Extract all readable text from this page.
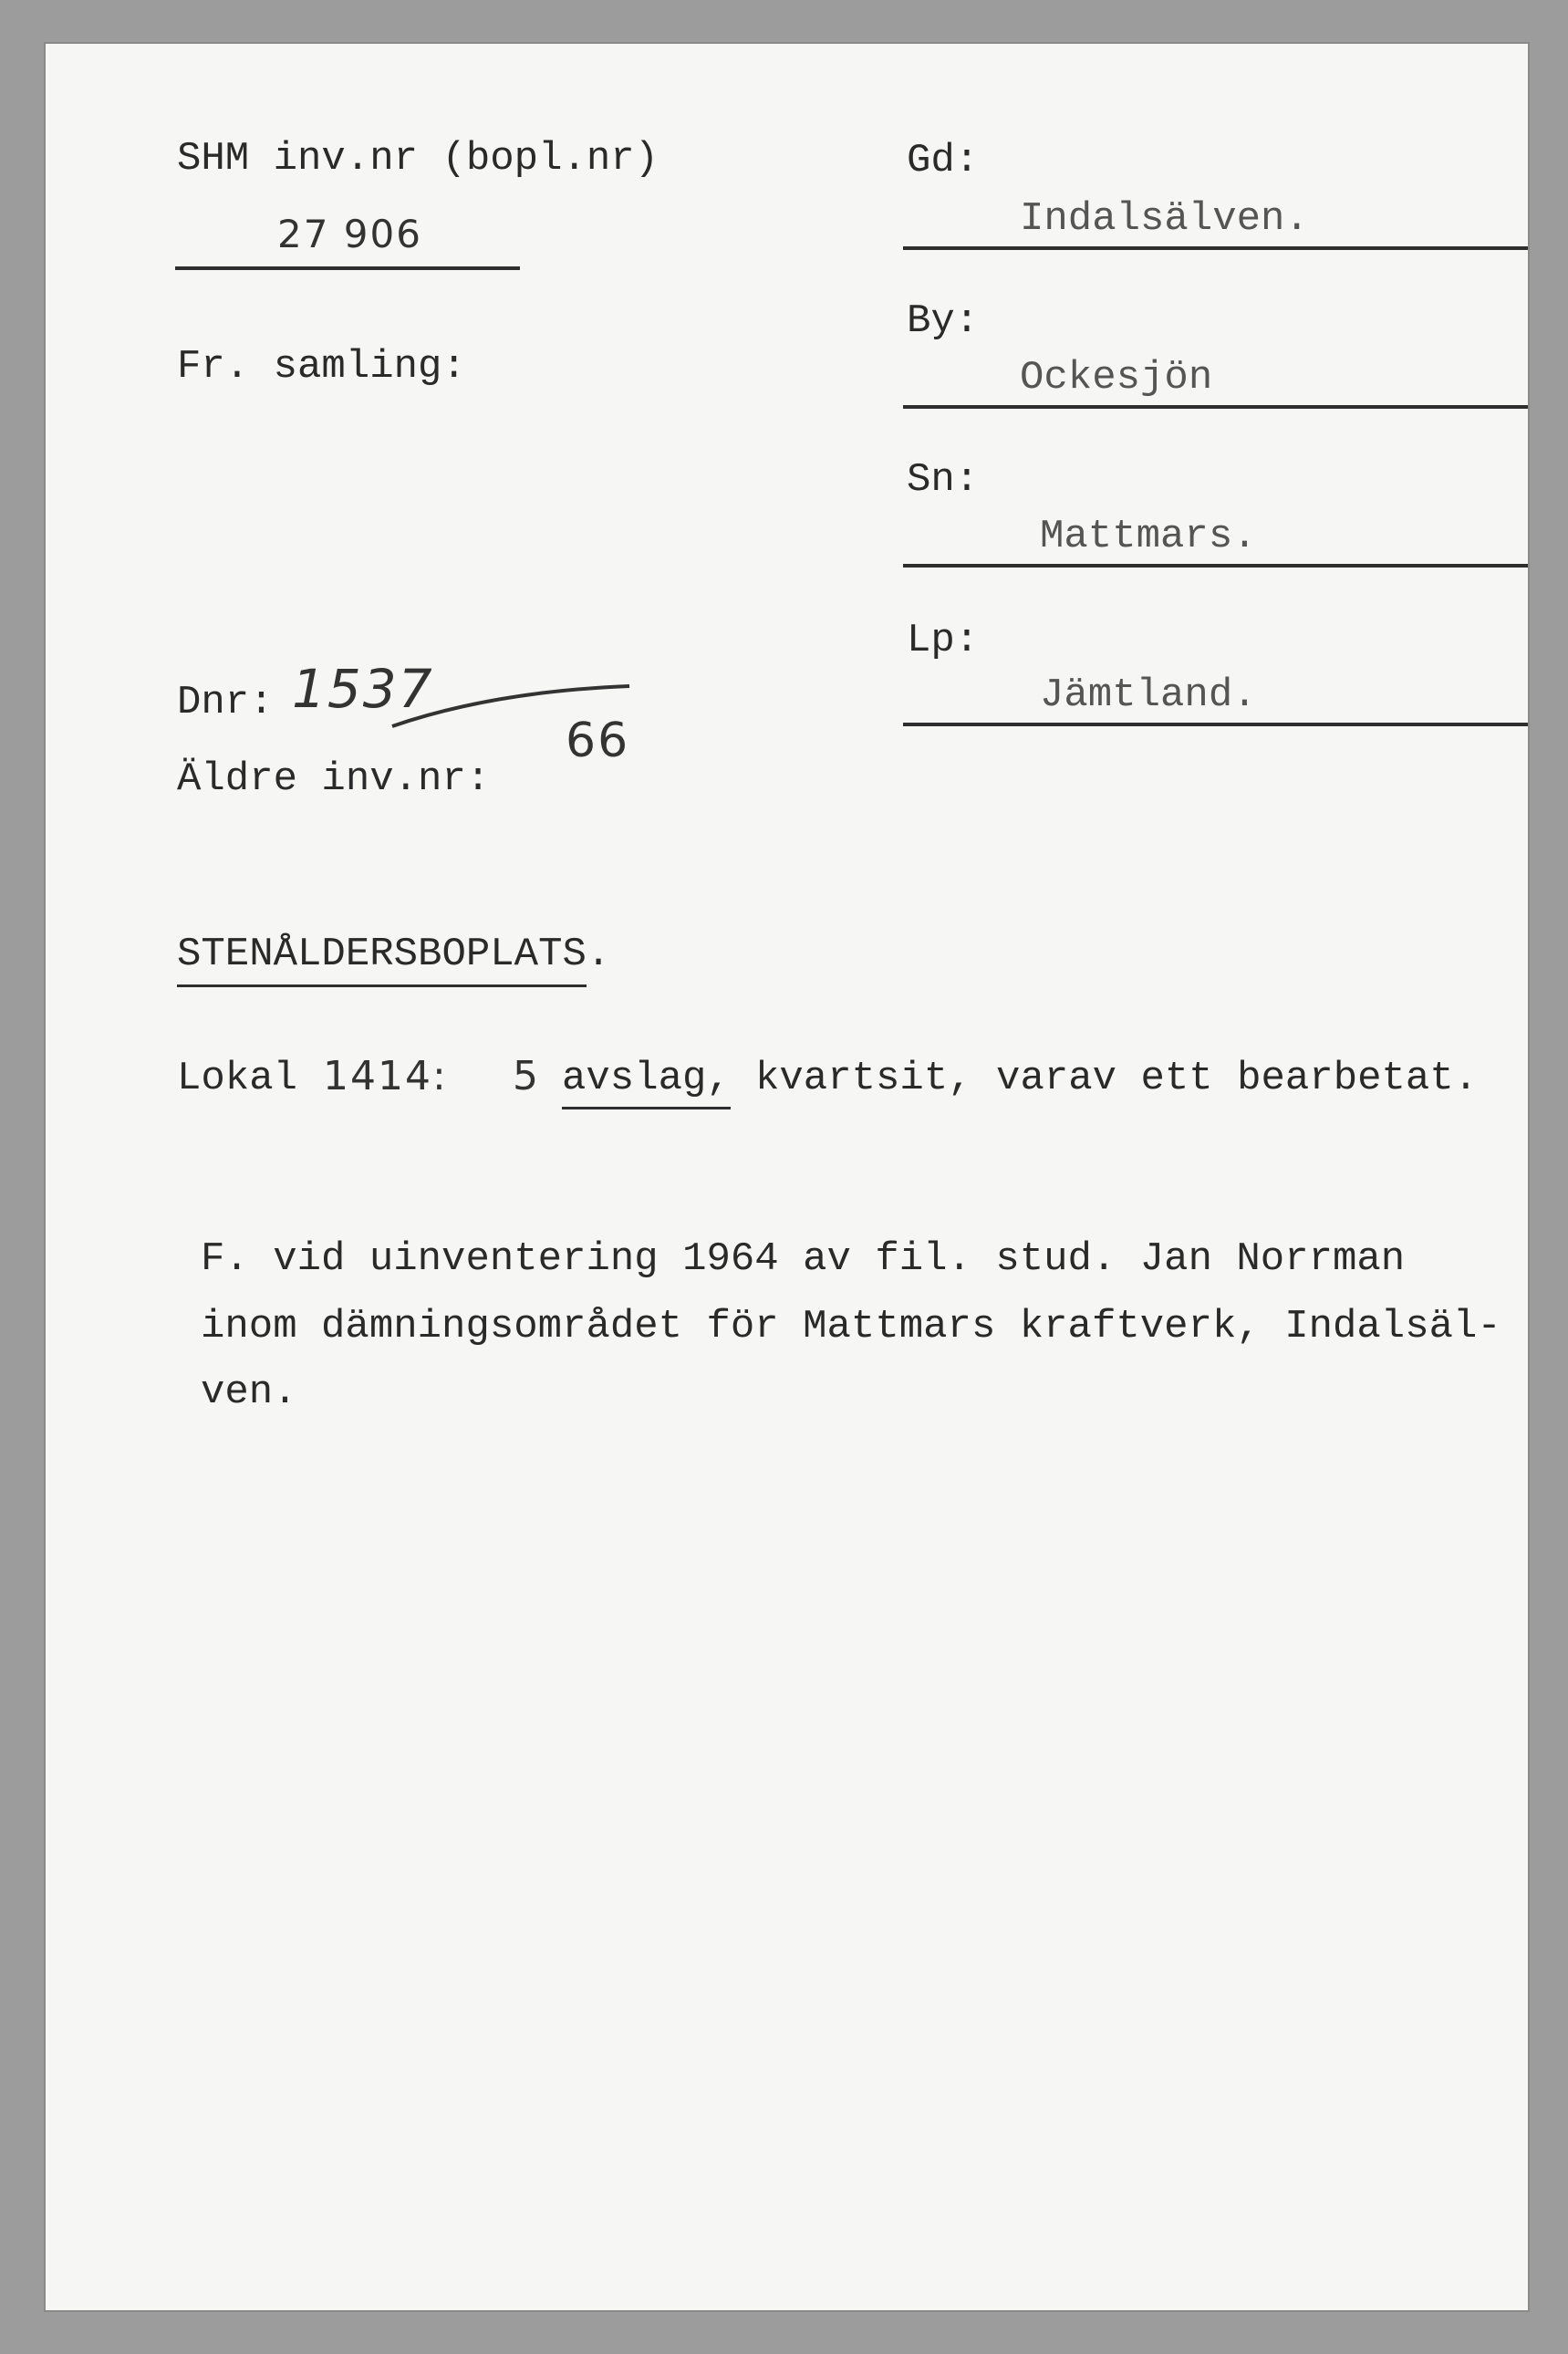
SHM inv.nr (bopl.nr)
27 906
Fr. samling:
Dnr: 1537
66
Äldre inv.nr:
Gd:
Indalsälven.
By:
Ockesjön
Sn:
Mattmars.
Lp:
Jämtland.
STENÅLDERSBOPLATS.
Lokal 1414: 5 avslag, kvartsit, varav ett bearbetat.
F. vid uinventering 1964 av fil. stud. Jan Norrman
inom dämningsområdet för Mattmars kraftverk, Indalsäl-
ven.
